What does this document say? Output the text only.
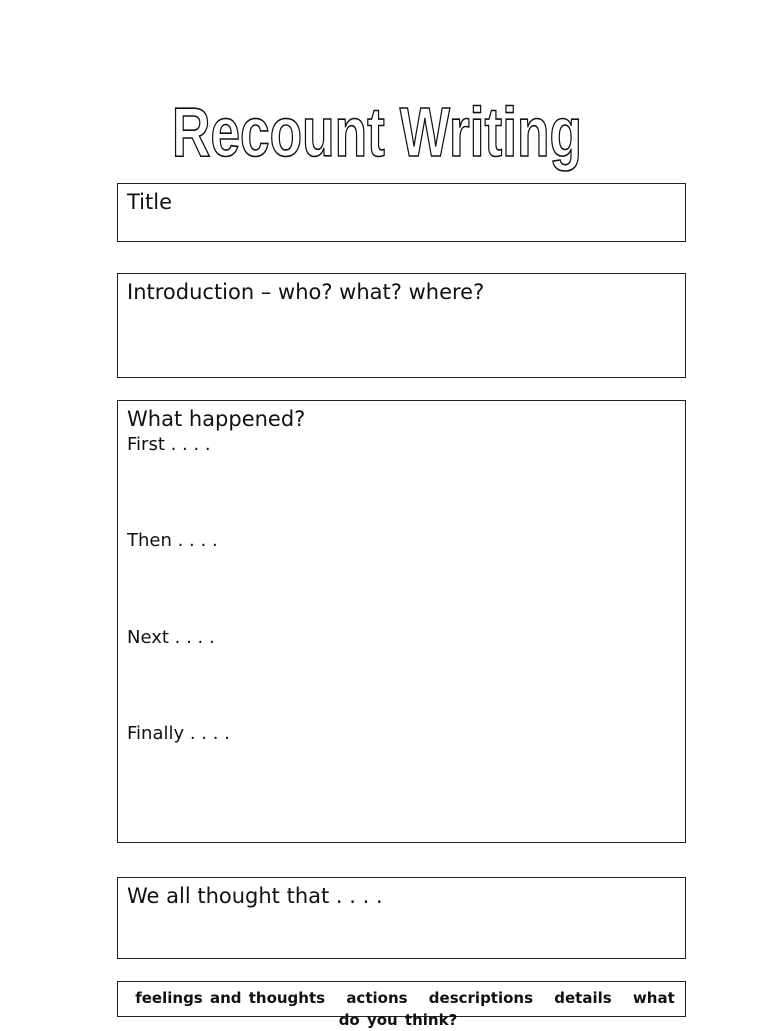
Recount Writing
Title
Introduction – who? what? where?
What happened?
First . . . .
Then . . . .
Next . . . .
Finally . . . .
We all thought that . . . .
feelings and thoughts actions descriptions details what do you think?
